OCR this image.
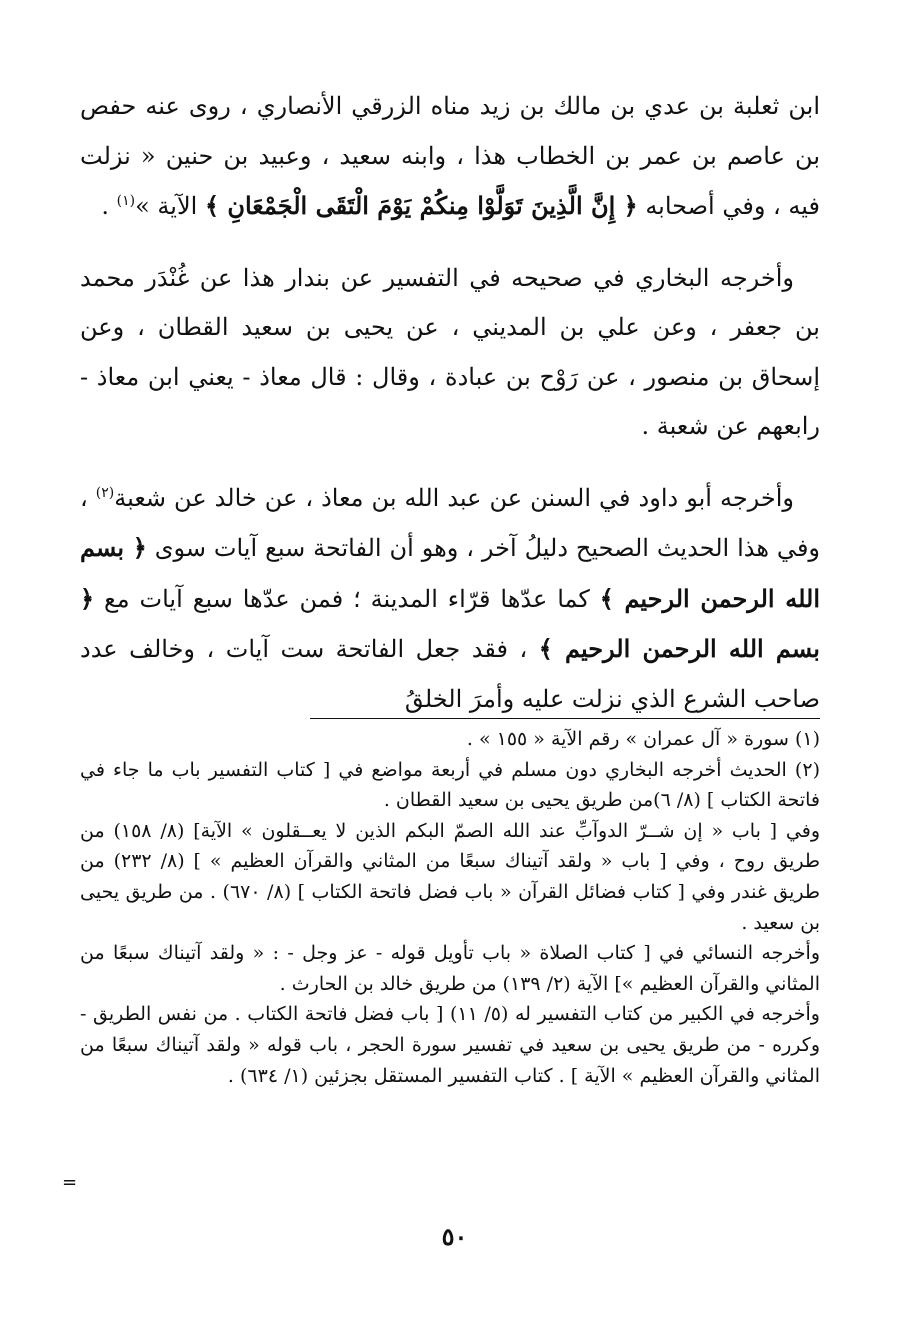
ابن ثعلبة بن عدي بن مالك بن زيد مناه الزرقي الأنصاري ، روى عنه حفص بن عاصم بن عمر بن الخطاب هذا ، وابنه سعيد ، وعبيد بن حنين « نزلت فيه ، وفي أصحابه ﴿ إِنَّ الَّذِينَ تَوَلَّوْا مِنكُمْ يَوْمَ الْتَقَى الْجَمْعَانِ ﴾ الآية »$^{(١)}$ .

وأخرجه البخاري في صحيحه في التفسير عن بندار هذا عن غُنْدَر محمد بن جعفر ، وعن علي بن المديني ، عن يحيى بن سعيد القطان ، وعن إسحاق بن منصور ، عن رَوْح بن عبادة ، وقال : قال معاذ - يعني ابن معاذ - رابعهم عن شعبة .

وأخرجه أبو داود في السنن عن عبد الله بن معاذ ، عن خالد عن شعبة$^{(٢)}$ ، وفي هذا الحديث الصحيح دليلُ آخر ، وهو أن الفاتحة سبع آيات سوى ﴿ بسم الله الرحمن الرحيم ﴾ كما عدّها قرّاء المدينة ؛ فمن عدّها سبع آيات مع ﴿ بسم الله الرحمن الرحيم ﴾ ، فقد جعل الفاتحة ست آيات ، وخالف عدد صاحب الشرع الذي نزلت عليه وأمرَ الخلقُ

(١) سورة « آل عمران » رقم الآية « ١٥٥ » .

(٢) الحديث أخرجه البخاري دون مسلم في أربعة مواضع في [ كتاب التفسير باب ما جاء في فاتحة الكتاب ] (٨/ ٦)من طريق يحيى بن سعيد القطان .

وفي [ باب « إن شــرّ الدوآبِّ عند الله الصمّ البكم الذين لا يعــقلون » الآية] (٨/ ١٥٨) من طريق روح ، وفي [ باب « ولقد آتيناك سبعًا من المثاني والقرآن العظيم » ] (٨/ ٢٣٢) من طريق غندر وفي [ كتاب فضائل القرآن « باب فضل فاتحة الكتاب ] (٨/ ٦٧٠) . من طريق يحيى بن سعيد .

وأخرجه النسائي في [ كتاب الصلاة « باب تأويل قوله - عز وجل - : « ولقد آتيناك سبعًا من المثاني والقرآن العظيم »] الآية (٢/ ١٣٩) من طريق خالد بن الحارث .

وأخرجه في الكبير من كتاب التفسير له (٥/ ١١) [ باب فضل فاتحة الكتاب . من نفس الطريق - وكرره - من طريق يحيى بن سعيد في تفسير سورة الحجر ، باب قوله « ولقد آتيناك سبعًا من المثاني والقرآن العظيم » الآية ] . كتاب التفسير المستقل بجزئين (١/ ٦٣٤) .

=
٥٠
